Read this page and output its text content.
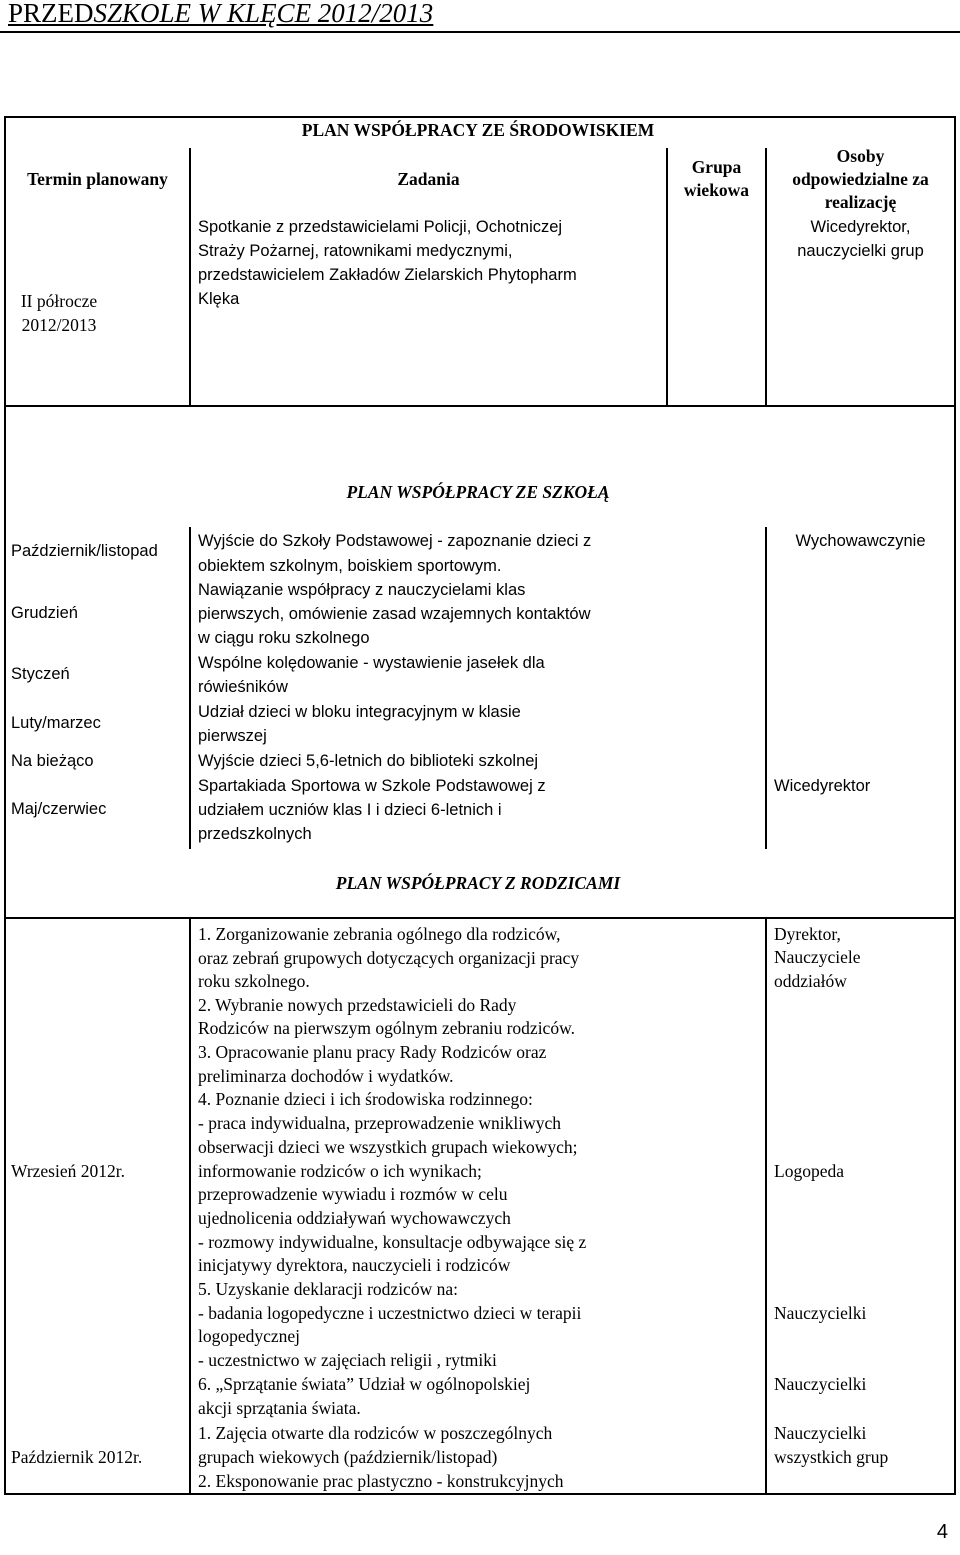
PRZEDSZKOLE W KLĘCE 2012/2013
PLAN WSPÓŁPRACY ZE ŚRODOWISKIEM
Termin planowany	Zadania
Grupa
wiekowa
Osoby
odpowiedzialne za
realizację
II półrocze
2012/2013
Spotkanie z przedstawicielami Policji, Ochotniczej
Straży Pożarnej, ratownikami medycznymi,
przedstawicielem Zakładów Zielarskich Phytopharm
Klęka
Wicedyrektor,
nauczycielki grup
PLAN WSPÓŁPRACY ZE SZKOŁĄ
Październik/listopad
Grudzień
Styczeń
Luty/marzec
Na bieżąco
Maj/czerwiec
Wyjście do Szkoły Podstawowej - zapoznanie dzieci z
obiektem szkolnym, boiskiem sportowym.
Nawiązanie współpracy z nauczycielami klas
pierwszych, omówienie zasad wzajemnych kontaktów
w ciągu roku szkolnego
Wspólne kolędowanie - wystawienie jasełek dla
rówieśników
Udział dzieci w bloku integracyjnym w klasie
pierwszej
Wyjście dzieci 5,6-letnich do biblioteki szkolnej
Spartakiada Sportowa w Szkole Podstawowej z
udziałem uczniów klas I i dzieci 6-letnich i
przedszkolnych
Wychowawczynie
Wicedyrektor
PLAN WSPÓŁPRACY Z RODZICAMI
Wrzesień 2012r.
Październik 2012r.
1. Zorganizowanie zebrania ogólnego dla rodziców,
oraz zebrań grupowych dotyczących organizacji pracy
roku szkolnego.
2. Wybranie nowych przedstawicieli do Rady
Rodziców na pierwszym ogólnym zebraniu rodziców.
3. Opracowanie planu pracy Rady Rodziców oraz
preliminarza dochodów i wydatków.
4. Poznanie dzieci i ich środowiska rodzinnego:
- praca indywidualna, przeprowadzenie wnikliwych
obserwacji dzieci we wszystkich grupach wiekowych;
informowanie rodziców o ich wynikach;
przeprowadzenie wywiadu i rozmów w celu
ujednolicenia oddziaływań wychowawczych
- rozmowy indywidualne, konsultacje odbywające się z
inicjatywy dyrektora, nauczycieli i rodziców
5. Uzyskanie deklaracji rodziców na:
- badania logopedyczne i uczestnictwo dzieci w terapii
logopedycznej
- uczestnictwo w zajęciach religii , rytmiki
6. „Sprzątanie świata” Udział w ogólnopolskiej
akcji sprzątania świata.
1. Zajęcia otwarte dla rodziców w poszczególnych
grupach wiekowych (październik/listopad)
2. Eksponowanie prac plastyczno - konstrukcyjnych
Dyrektor,
Nauczyciele
oddziałów
Logopeda
Nauczycielki
Nauczycielki
Nauczycielki
wszystkich grup
4
